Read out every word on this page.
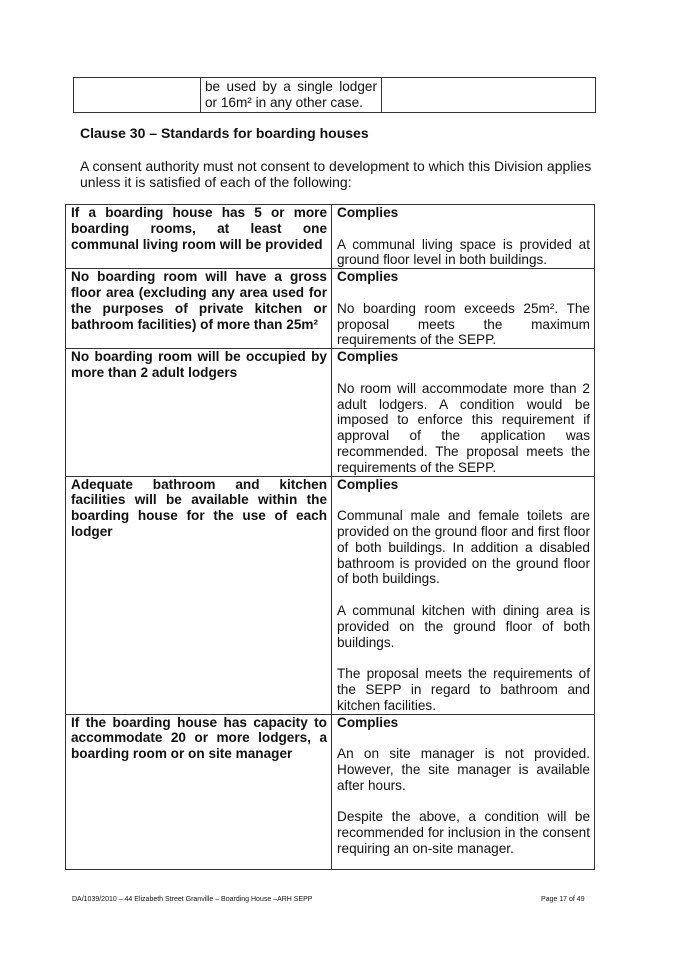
	be used by a single lodger or 16m² in any other case.	
Clause 30 – Standards for boarding houses
A consent authority must not consent to development to which this Division applies unless it is satisfied of each of the following:
If a boarding house has 5 or more boarding rooms, at least one communal living room will be provided	Complies
A communal living space is provided at ground floor level in both buildings.

No boarding room will have a gross floor area (excluding any area used for the purposes of private kitchen or bathroom facilities) of more than 25m²	Complies
No boarding room exceeds 25m². The proposal meets the maximum requirements of the SEPP.

No boarding room will be occupied by more than 2 adult lodgers	Complies
No room will accommodate more than 2 adult lodgers. A condition would be imposed to enforce this requirement if approval of the application was recommended. The proposal meets the requirements of the SEPP.

Adequate bathroom and kitchen facilities will be available within the boarding house for the use of each lodger	Complies
Communal male and female toilets are provided on the ground floor and first floor of both buildings. In addition a disabled bathroom is provided on the ground floor of both buildings.
A communal kitchen with dining area is provided on the ground floor of both buildings.
The proposal meets the requirements of the SEPP in regard to bathroom and kitchen facilities.

If the boarding house has capacity to accommodate 20 or more lodgers, a boarding room or on site manager	Complies
An on site manager is not provided. However, the site manager is available after hours.
Despite the above, a condition will be recommended for inclusion in the consent requiring an on-site manager.
DA/1039/2010 – 44 Elizabeth Street Granville – Boarding House –ARH SEPP	Page 17 of 49
